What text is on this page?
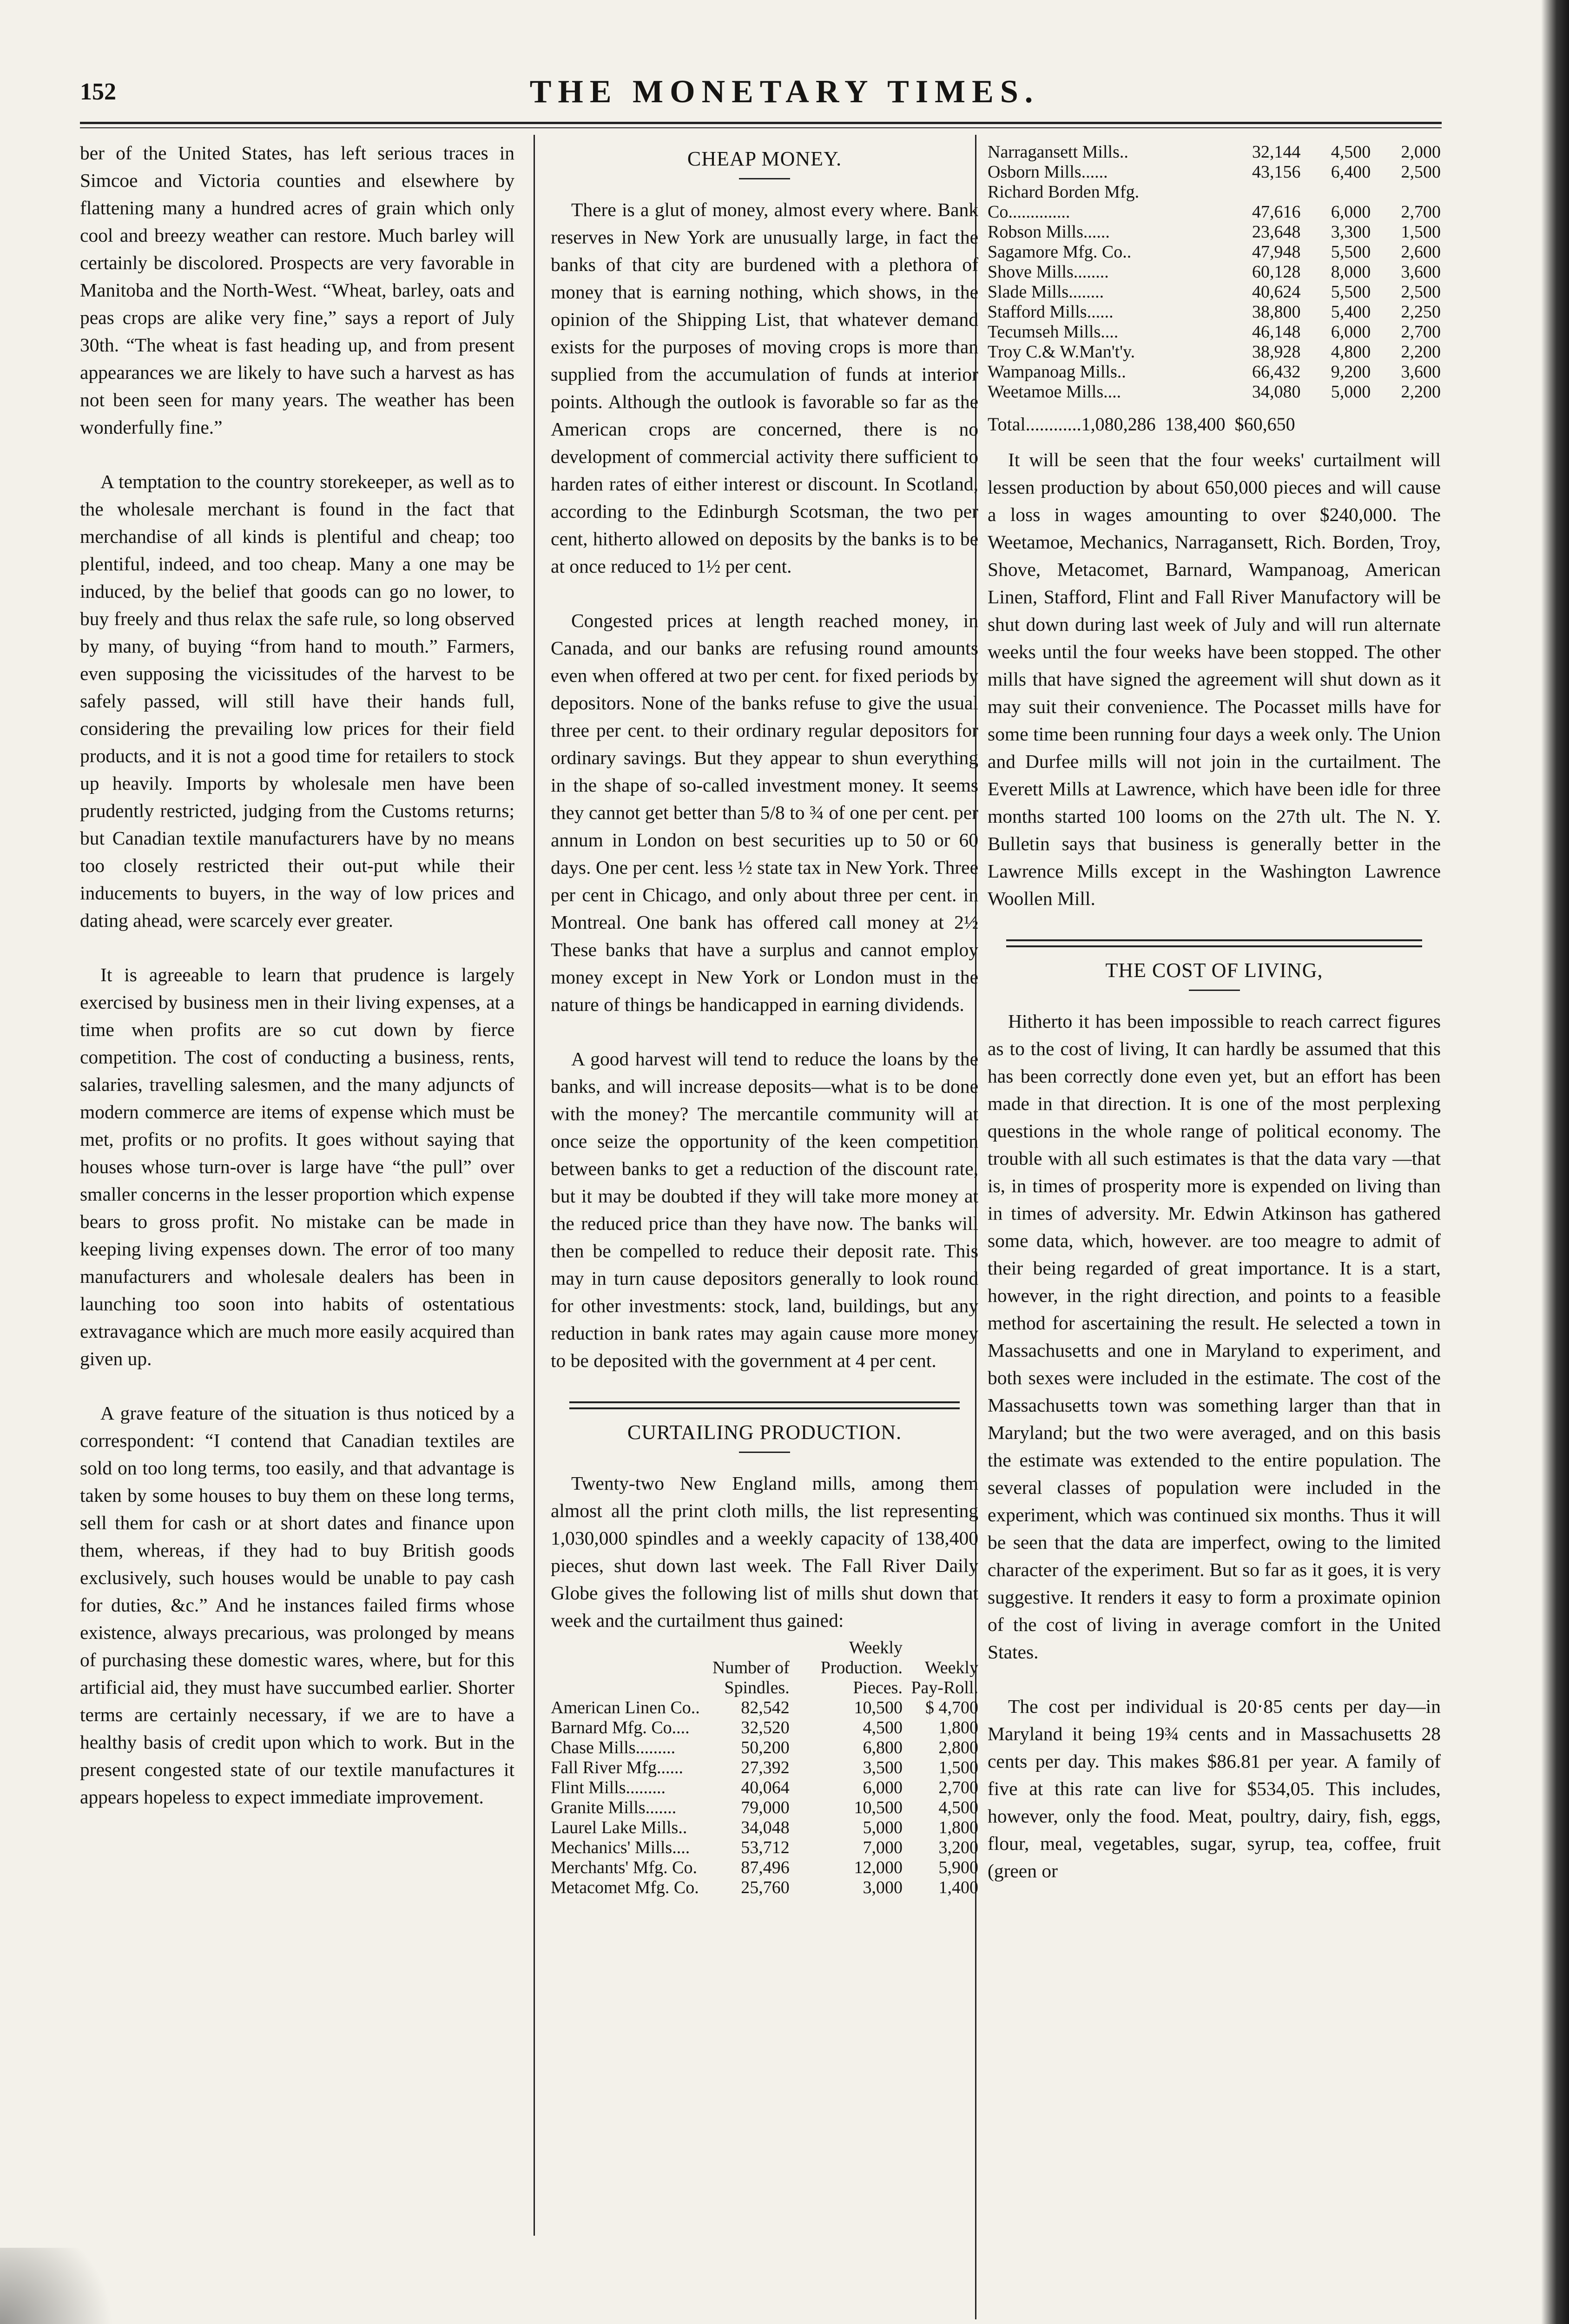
152	THE MONETARY TIMES.

ber of the United States, has left serious traces in Simcoe and Victoria counties and elsewhere by flattening many a hundred acres of grain which only cool and breezy weather can restore. Much barley will certainly be discolored. Prospects are very favorable in Manitoba and the North-West. “Wheat, barley, oats and peas crops are alike very fine,” says a report of July 30th. “The wheat is fast heading up, and from present appearances we are likely to have such a harvest as has not been seen for many years. The weather has been wonderfully fine.”

A temptation to the country storekeeper, as well as to the wholesale merchant is found in the fact that merchandise of all kinds is plentiful and cheap; too plentiful, indeed, and too cheap. Many a one may be induced, by the belief that goods can go no lower, to buy freely and thus relax the safe rule, so long observed by many, of buying “from hand to mouth.” Farmers, even supposing the vicissitudes of the harvest to be safely passed, will still have their hands full, considering the prevailing low prices for their field products, and it is not a good time for retailers to stock up heavily. Imports by wholesale men have been prudently restricted, judging from the Customs returns; but Canadian textile manufacturers have by no means too closely restricted their out-put while their inducements to buyers, in the way of low prices and dating ahead, were scarcely ever greater.

It is agreeable to learn that prudence is largely exercised by business men in their living expenses, at a time when profits are so cut down by fierce competition. The cost of conducting a business, rents, salaries, travelling salesmen, and the many adjuncts of modern commerce are items of expense which must be met, profits or no profits. It goes without saying that houses whose turn-over is large have “the pull” over smaller concerns in the lesser proportion which expense bears to gross profit. No mistake can be made in keeping living expenses down. The error of too many manufacturers and wholesale dealers has been in launching too soon into habits of ostentatious extravagance which are much more easily acquired than given up.

A grave feature of the situation is thus noticed by a correspondent: “I contend that Canadian textiles are sold on too long terms, too easily, and that advantage is taken by some houses to buy them on these long terms, sell them for cash or at short dates and finance upon them, whereas, if they had to buy British goods exclusively, such houses would be unable to pay cash for duties, &c.” And he instances failed firms whose existence, always precarious, was prolonged by means of purchasing these domestic wares, where, but for this artificial aid, they must have succumbed earlier. Shorter terms are certainly necessary, if we are to have a healthy basis of credit upon which to work. But in the present congested state of our textile manufactures it appears hopeless to expect immediate improvement.

CHEAP MONEY.

There is a glut of money, almost every where. Bank reserves in New York are unusually large, in fact the banks of that city are burdened with a plethora of money that is earning nothing, which shows, in the opinion of the Shipping List, that whatever demand exists for the purposes of moving crops is more than supplied from the accumulation of funds at interior points. Although the outlook is favorable so far as the American crops are concerned, there is no development of commercial activity there sufficient to harden rates of either interest or discount. In Scotland, according to the Edinburgh Scotsman, the two per cent, hitherto allowed on deposits by the banks is to be at once reduced to 1½ per cent.

Congested prices at length reached money, in Canada, and our banks are refusing round amounts even when offered at two per cent. for fixed periods by depositors. None of the banks refuse to give the usual three per cent. to their ordinary regular depositors for ordinary savings. But they appear to shun everything in the shape of so-called investment money. It seems they cannot get better than 5/8 to ¾ of one per cent. per annum in London on best securities up to 50 or 60 days. One per cent. less ½ state tax in New York. Three per cent in Chicago, and only about three per cent. in Montreal. One bank has offered call money at 2½ These banks that have a surplus and cannot employ money except in New York or London must in the nature of things be handicapped in earning dividends.

A good harvest will tend to reduce the loans by the banks, and will increase deposits—what is to be done with the money? The mercantile community will at once seize the opportunity of the keen competition between banks to get a reduction of the discount rate, but it may be doubted if they will take more money at the reduced price than they have now. The banks will then be compelled to reduce their deposit rate. This may in turn cause depositors generally to look round for other investments: stock, land, buildings, but any reduction in bank rates may again cause more money to be deposited with the government at 4 per cent.

CURTAILING PRODUCTION.

Twenty-two New England mills, among them almost all the print cloth mills, the list representing 1,030,000 spindles and a weekly capacity of 138,400 pieces, shut down last week. The Fall River Daily Globe gives the following list of mills shut down that week and the curtailment thus gained:

	Number of Spindles.	Weekly Production. Pieces.	Weekly Pay-Roll.
American Linen Co..	82,542	10,500	$ 4,700
Barnard Mfg. Co....	32,520	4,500	1,800
Chase Mills.........	50,200	6,800	2,800
Fall River Mfg......	27,392	3,500	1,500
Flint Mills.........	40,064	6,000	2,700
Granite Mills.......	79,000	10,500	4,500
Laurel Lake Mills..	34,048	5,000	1,800
Mechanics' Mills....	53,712	7,000	3,200
Merchants' Mfg. Co.	87,496	12,000	5,900
Metacomet Mfg. Co.	25,760	3,000	1,400
Narragansett Mills..	32,144	4,500	2,000
Osborn Mills......	43,156	6,400	2,500
Richard Borden Mfg.			
Co..............	47,616	6,000	2,700
Robson Mills......	23,648	3,300	1,500
Sagamore Mfg. Co..	47,948	5,500	2,600
Shove Mills........	60,128	8,000	3,600
Slade Mills........	40,624	5,500	2,500
Stafford Mills......	38,800	5,400	2,250
Tecumseh Mills....	46,148	6,000	2,700
Troy C.& W.Man't'y.	38,928	4,800	2,200
Wampanoag Mills..	66,432	9,200	3,600
Weetamoe Mills....	34,080	5,000	2,200
Total............1,080,286 138,400 $60,650

It will be seen that the four weeks' curtailment will lessen production by about 650,000 pieces and will cause a loss in wages amounting to over $240,000. The Weetamoe, Mechanics, Narragansett, Rich. Borden, Troy, Shove, Metacomet, Barnard, Wampanoag, American Linen, Stafford, Flint and Fall River Manufactory will be shut down during last week of July and will run alternate weeks until the four weeks have been stopped. The other mills that have signed the agreement will shut down as it may suit their convenience. The Pocasset mills have for some time been running four days a week only. The Union and Durfee mills will not join in the curtailment. The Everett Mills at Lawrence, which have been idle for three months started 100 looms on the 27th ult. The N. Y. Bulletin says that business is generally better in the Lawrence Mills except in the Washington Lawrence Woollen Mill.

THE COST OF LIVING,

Hitherto it has been impossible to reach carrect figures as to the cost of living, It can hardly be assumed that this has been correctly done even yet, but an effort has been made in that direction. It is one of the most perplexing questions in the whole range of political economy. The trouble with all such estimates is that the data vary —that is, in times of prosperity more is expended on living than in times of adversity. Mr. Edwin Atkinson has gathered some data, which, however. are too meagre to admit of their being regarded of great importance. It is a start, however, in the right direction, and points to a feasible method for ascertaining the result. He selected a town in Massachusetts and one in Maryland to experiment, and both sexes were included in the estimate. The cost of the Massachusetts town was something larger than that in Maryland; but the two were averaged, and on this basis the estimate was extended to the entire population. The several classes of population were included in the experiment, which was continued six months. Thus it will be seen that the data are imperfect, owing to the limited character of the experiment. But so far as it goes, it is very suggestive. It renders it easy to form a proximate opinion of the cost of living in average comfort in the United States.

The cost per individual is 20·85 cents per day—in Maryland it being 19¾ cents and in Massachusetts 28 cents per day. This makes $86.81 per year. A family of five at this rate can live for $534,05. This includes, however, only the food. Meat, poultry, dairy, fish, eggs, flour, meal, vegetables, sugar, syrup, tea, coffee, fruit (green or
